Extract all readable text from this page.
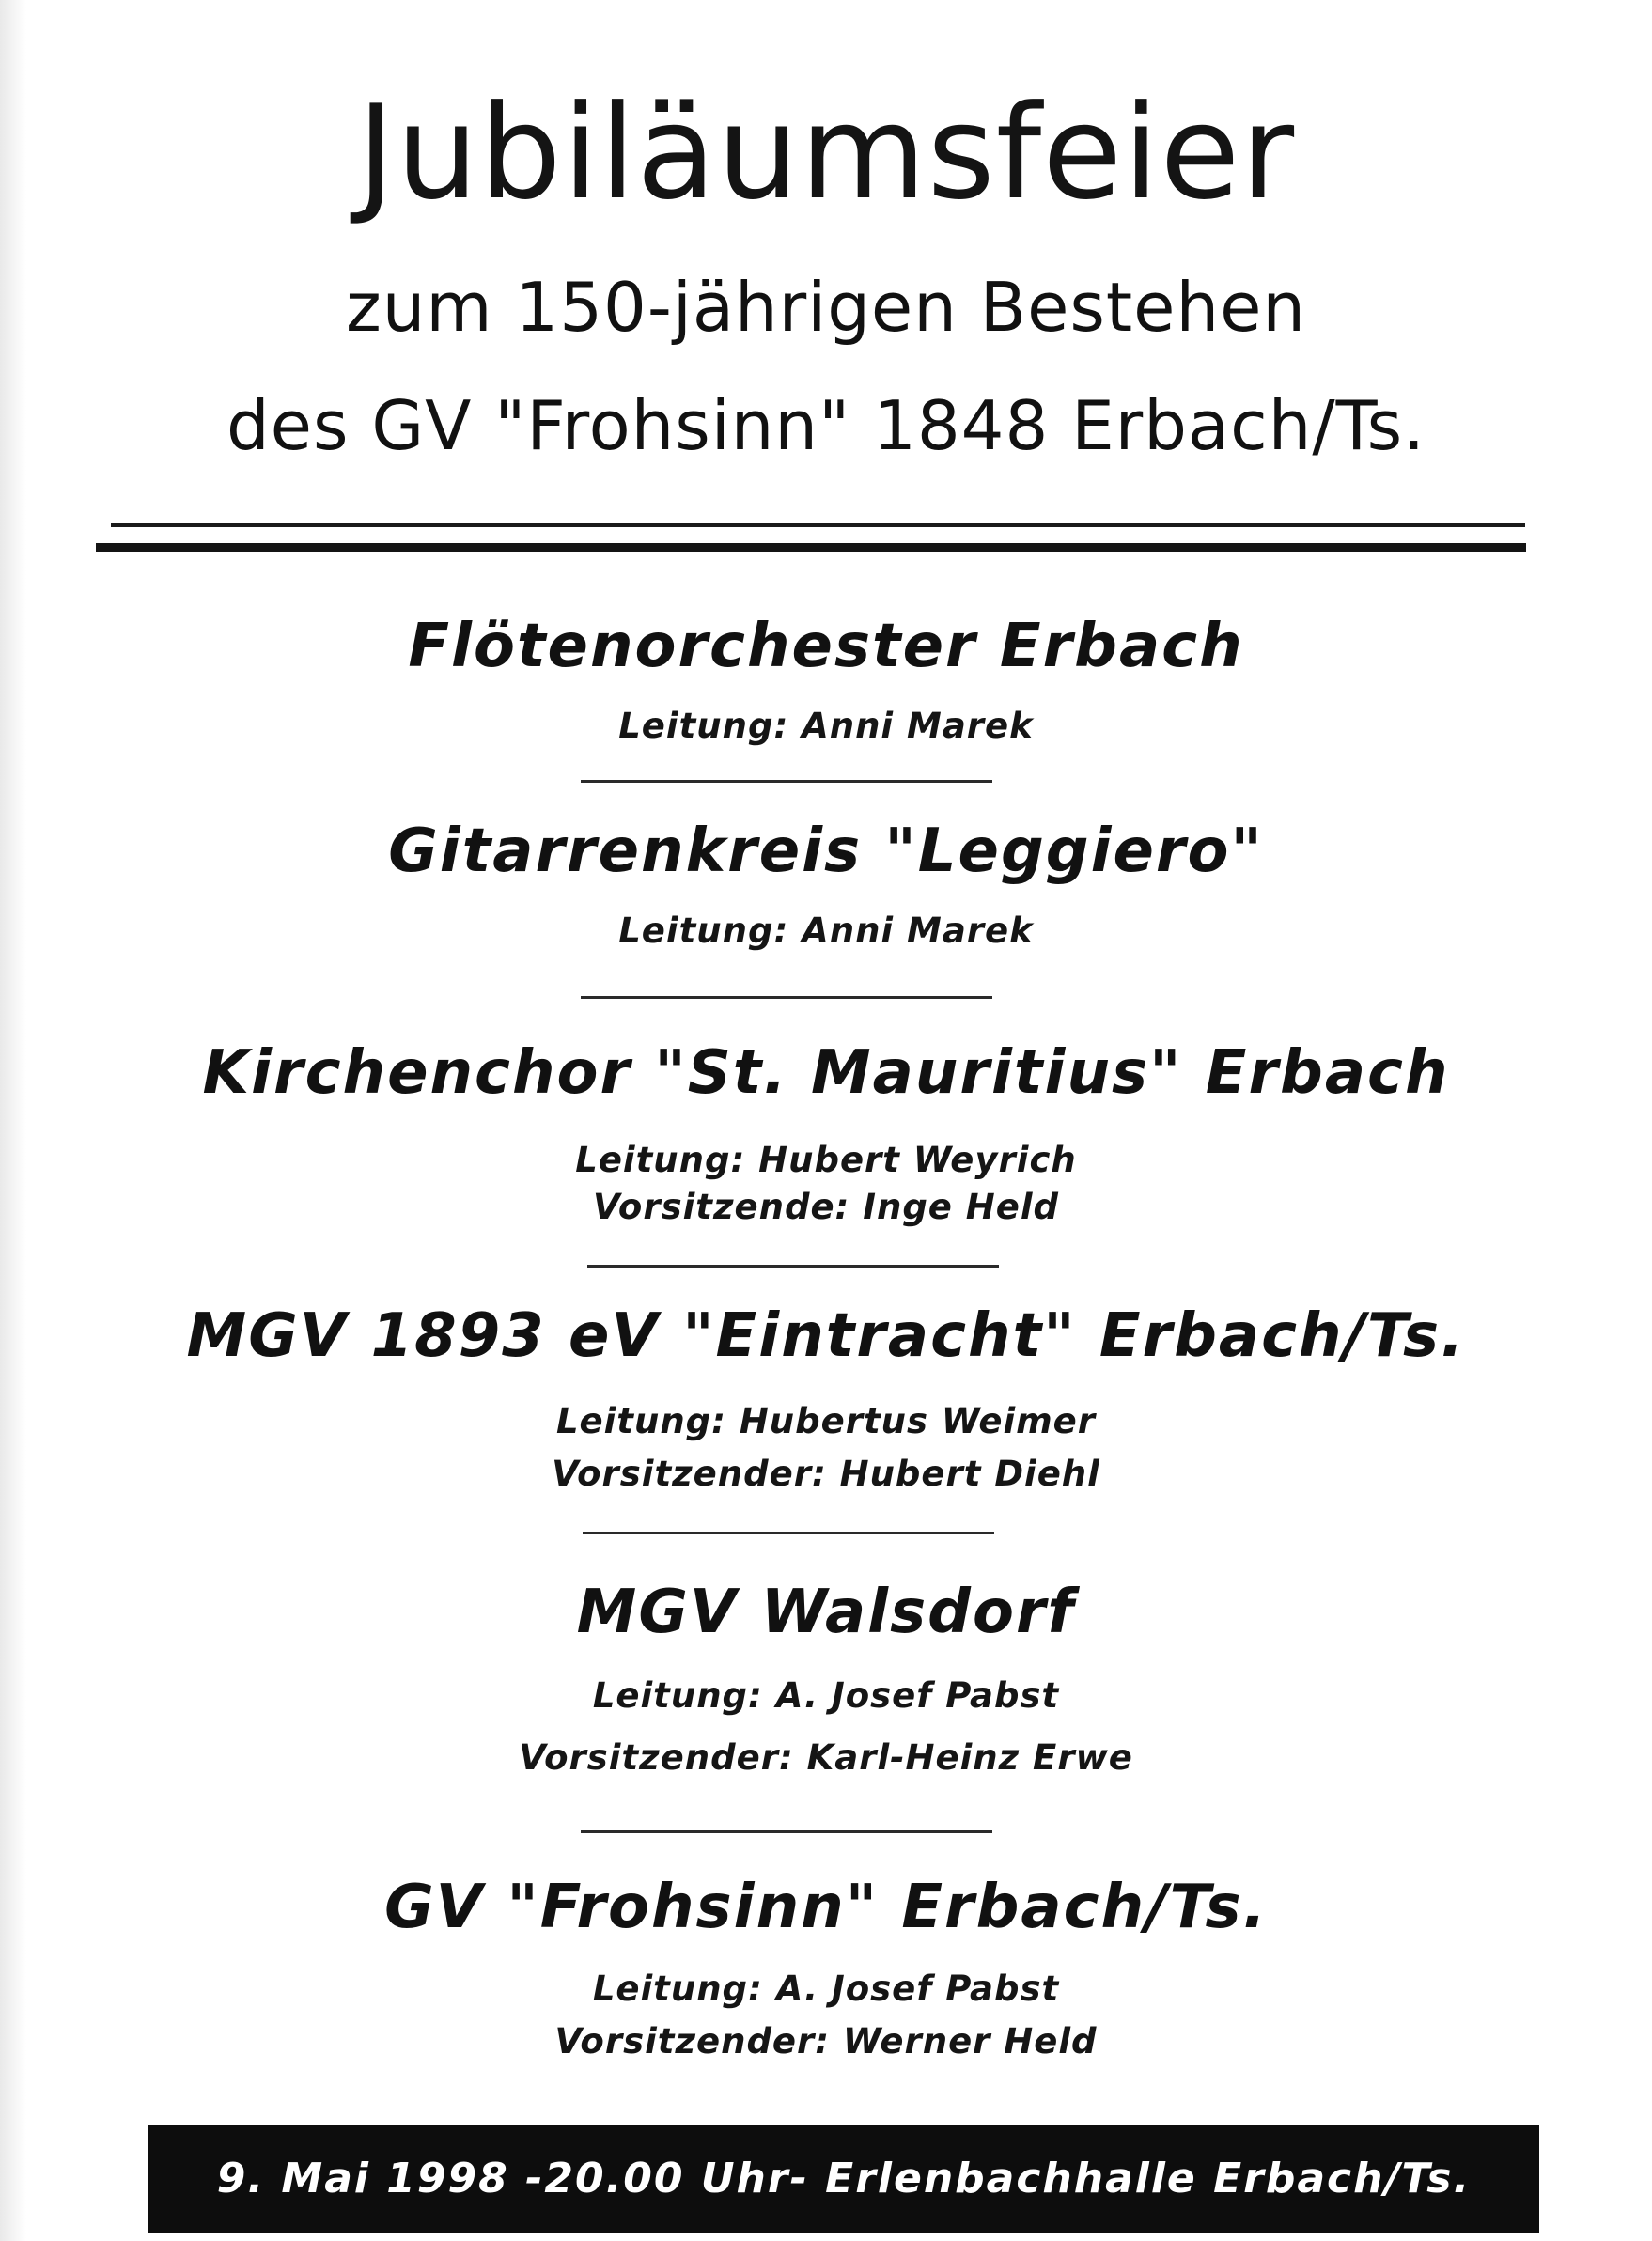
Jubiläumsfeier
zum 150-jährigen Bestehen
des GV "Frohsinn" 1848 Erbach/Ts.
Flötenorchester Erbach
Leitung: Anni Marek
Gitarrenkreis "Leggiero"
Leitung: Anni Marek
Kirchenchor "St. Mauritius" Erbach
Leitung: Hubert Weyrich
Vorsitzende: Inge Held
MGV 1893 eV "Eintracht" Erbach/Ts.
Leitung: Hubertus Weimer
Vorsitzender: Hubert Diehl
MGV Walsdorf
Leitung: A. Josef Pabst
Vorsitzender: Karl-Heinz Erwe
GV "Frohsinn" Erbach/Ts.
Leitung: A. Josef Pabst
Vorsitzender: Werner Held
9. Mai 1998 -20.00 Uhr- Erlenbachhalle Erbach/Ts.
